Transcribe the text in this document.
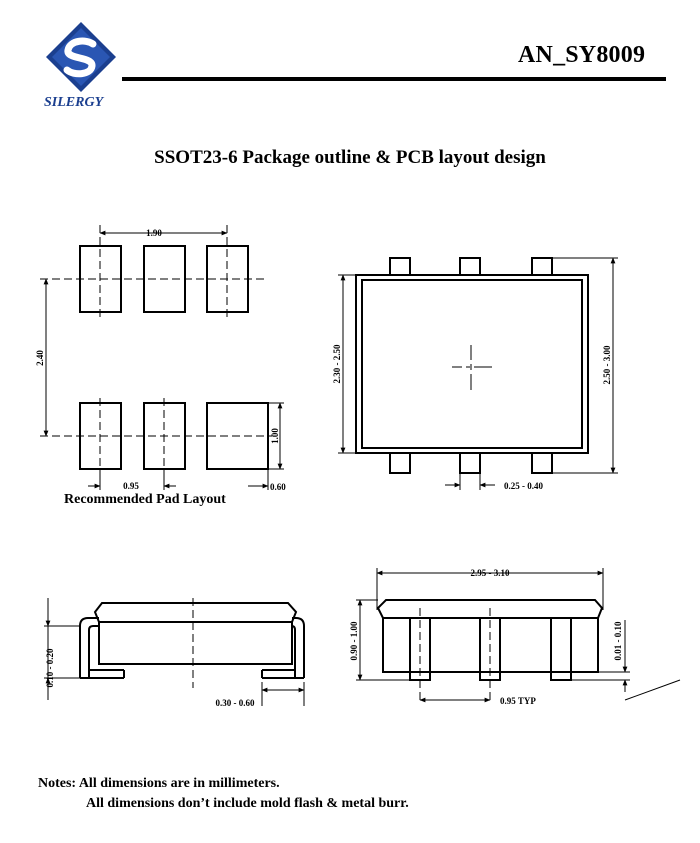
SILERGY
AN_SY8009
SSOT23-6 Package outline & PCB layout design
1.90
2.40
0.95	0.60
1.00
2.30 - 2.50	2.50 - 3.00
0.25 - 0.40
0.10 - 0.20
0.30 - 0.60
2.95 - 3.10
0.90 - 1.00	0.01 - 0.10
0.95 TYP
Recommended Pad Layout
Notes: All dimensions are in millimeters.
All dimensions don’t include mold flash & metal burr.
